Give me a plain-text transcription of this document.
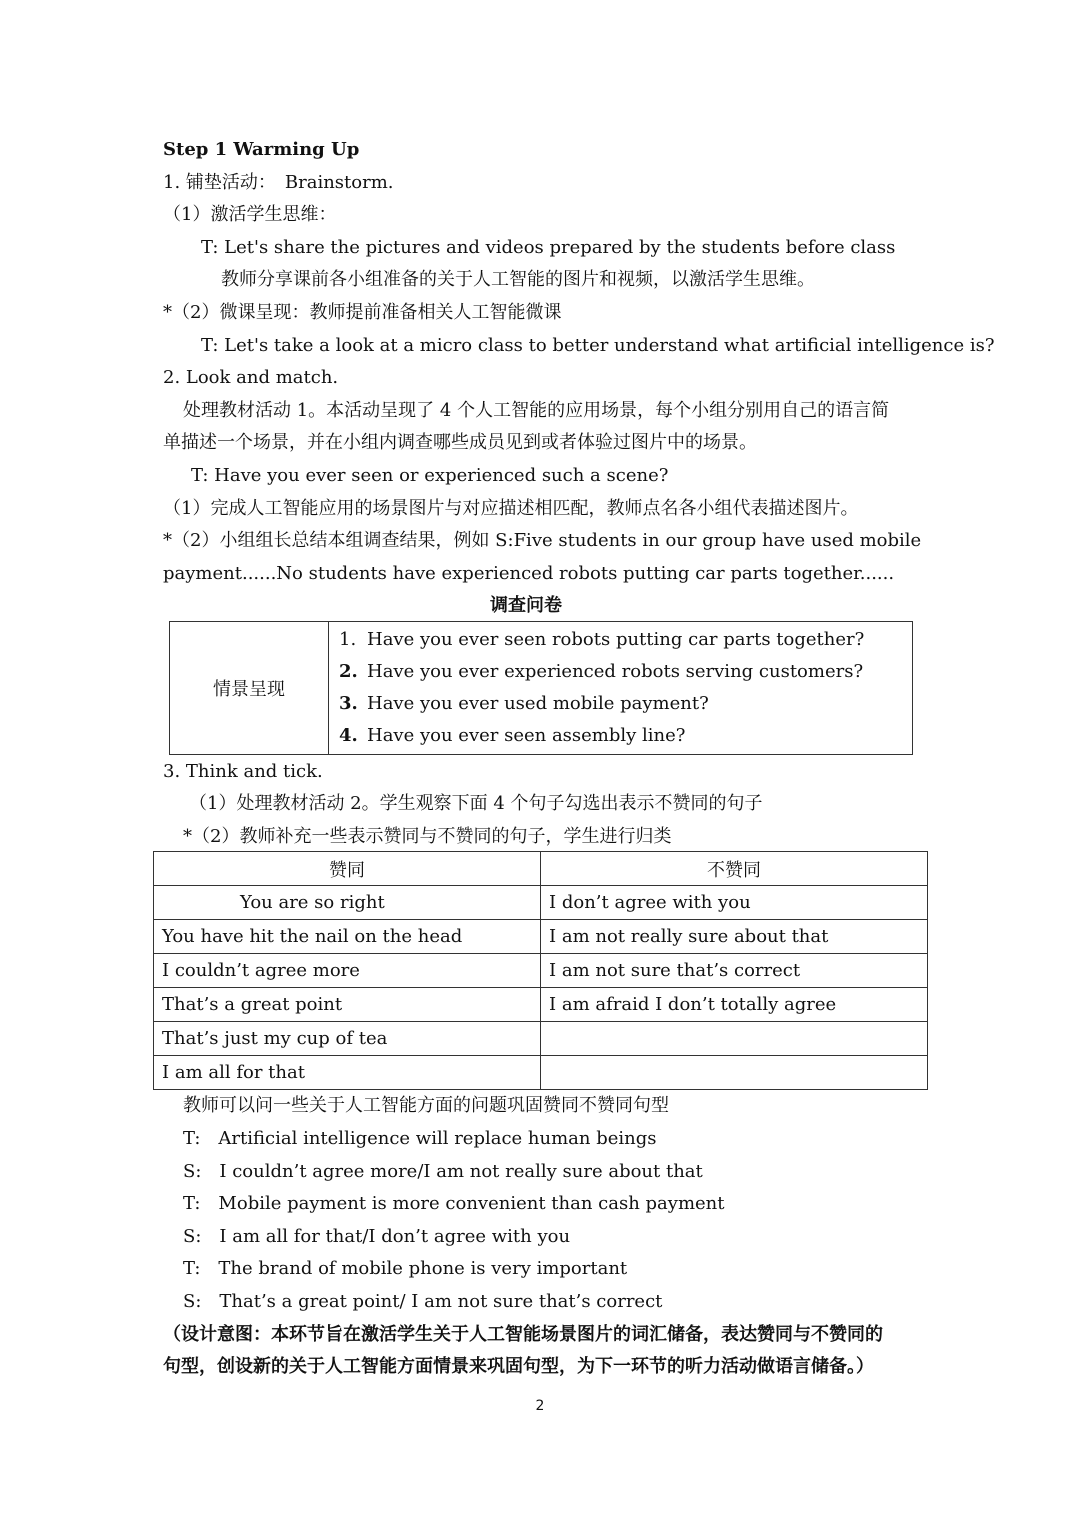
Step 1 Warming Up
1. 铺垫活动：　Brainstorm.
（1）激活学生思维：
T: Let's share the pictures and videos prepared by the students before class
教师分享课前各小组准备的关于人工智能的图片和视频，以激活学生思维。
*（2）微课呈现：教师提前准备相关人工智能微课
T: Let's take a look at a micro class to better understand what artificial intelligence is?
2. Look and match.
处理教材活动 1。本活动呈现了 4 个人工智能的应用场景，每个小组分别用自己的语言简
单描述一个场景，并在小组内调查哪些成员见到或者体验过图片中的场景。
T: Have you ever seen or experienced such a scene?
（1）完成人工智能应用的场景图片与对应描述相匹配，教师点名各小组代表描述图片。
*（2）小组组长总结本组调查结果，例如 S:Five students in our group have used mobile
payment......No students have experienced robots putting car parts together......
调查问卷
情景呈现	
1. Have you ever seen robots putting car parts together?
2. Have you ever experienced robots serving customers?
3. Have you ever used mobile payment?
4. Have you ever seen assembly line?
3. Think and tick.
（1）处理教材活动 2。学生观察下面 4 个句子勾选出表示不赞同的句子
*（2）教师补充一些表示赞同与不赞同的句子，学生进行归类
赞同	不赞同
You are so right	I don’t agree with you
You have hit the nail on the head	I am not really sure about that
I couldn’t agree more	I am not sure that’s correct
That’s a great point	I am afraid I don’t totally agree
That’s just my cup of tea	
I am all for that	
教师可以问一些关于人工智能方面的问题巩固赞同不赞同句型
T:　Artificial intelligence will replace human beings
S:　I couldn’t agree more/I am not really sure about that
T:　Mobile payment is more convenient than cash payment
S:　I am all for that/I don’t agree with you
T:　The brand of mobile phone is very important
S:　That’s a great point/ I am not sure that’s correct
（设计意图：本环节旨在激活学生关于人工智能场景图片的词汇储备，表达赞同与不赞同的
句型，创设新的关于人工智能方面情景来巩固句型，为下一环节的听力活动做语言储备。）
2
